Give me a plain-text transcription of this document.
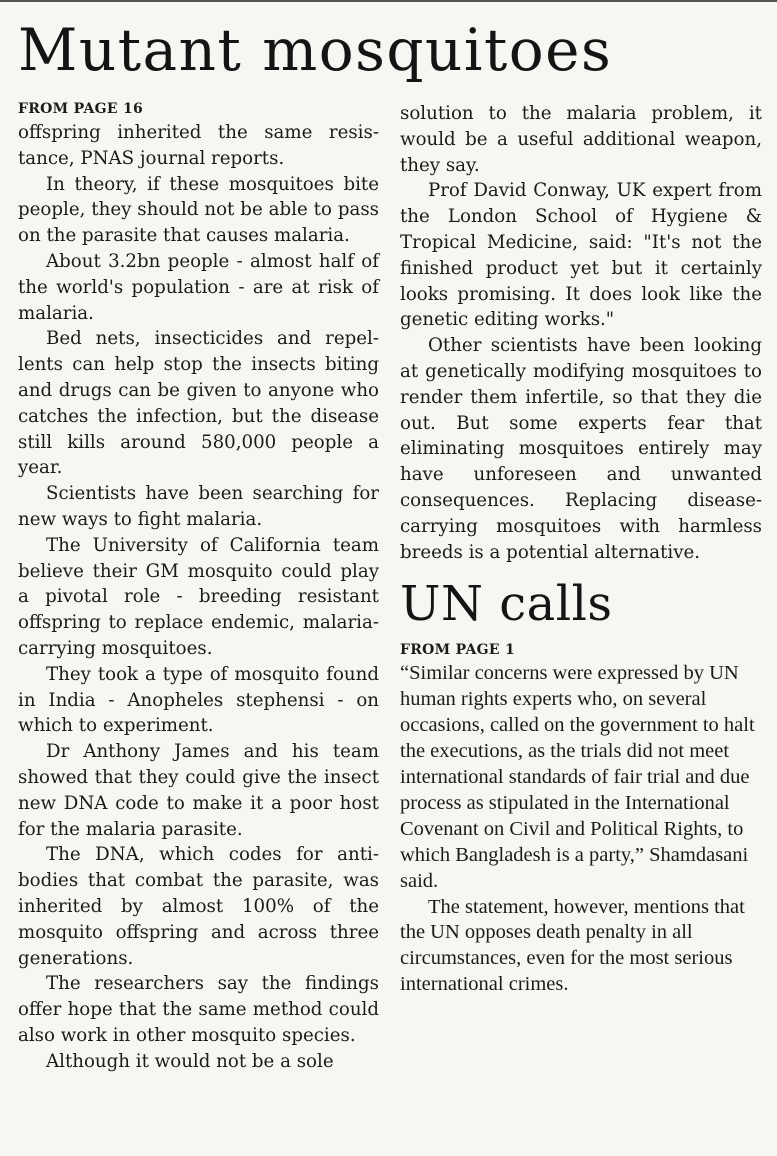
Mutant mosquitoes

FROM PAGE 16

offspring inherited the same resistance, PNAS journal reports.

In theory, if these mosquitoes bite people, they should not be able to pass on the parasite that causes malaria.

About 3.2bn people - almost half of the world's population - are at risk of malaria.

Bed nets, insecticides and repellents can help stop the insects biting and drugs can be given to anyone who catches the infection, but the disease still kills around 580,000 people a year.

Scientists have been searching for new ways to fight malaria.

The University of California team believe their GM mosquito could play a pivotal role - breeding resistant offspring to replace endemic, malaria-carrying mosquitoes.

They took a type of mosquito found in India - Anopheles stephensi - on which to experiment.

Dr Anthony James and his team showed that they could give the insect new DNA code to make it a poor host for the malaria parasite.

The DNA, which codes for antibodies that combat the parasite, was inherited by almost 100% of the mosquito offspring and across three generations.

The researchers say the findings offer hope that the same method could also work in other mosquito species.

Although it would not be a sole

solution to the malaria problem, it would be a useful additional weapon, they say.

Prof David Conway, UK expert from the London School of Hygiene & Tropical Medicine, said: "It's not the finished product yet but it certainly looks promising. It does look like the genetic editing works."

Other scientists have been looking at genetically modifying mosquitoes to render them infertile, so that they die out. But some experts fear that eliminating mosquitoes entirely may have unforeseen and unwanted consequences. Replacing disease-carrying mosquitoes with harmless breeds is a potential alternative.

UN calls

FROM PAGE 1

“Similar concerns were expressed by UN human rights experts who, on several occasions, called on the government to halt the executions, as the trials did not meet international standards of fair trial and due process as stipulated in the International Covenant on Civil and Political Rights, to which Bangladesh is a party,” Shamdasani said.

The statement, however, mentions that the UN opposes death penalty in all circumstances, even for the most serious international crimes.
